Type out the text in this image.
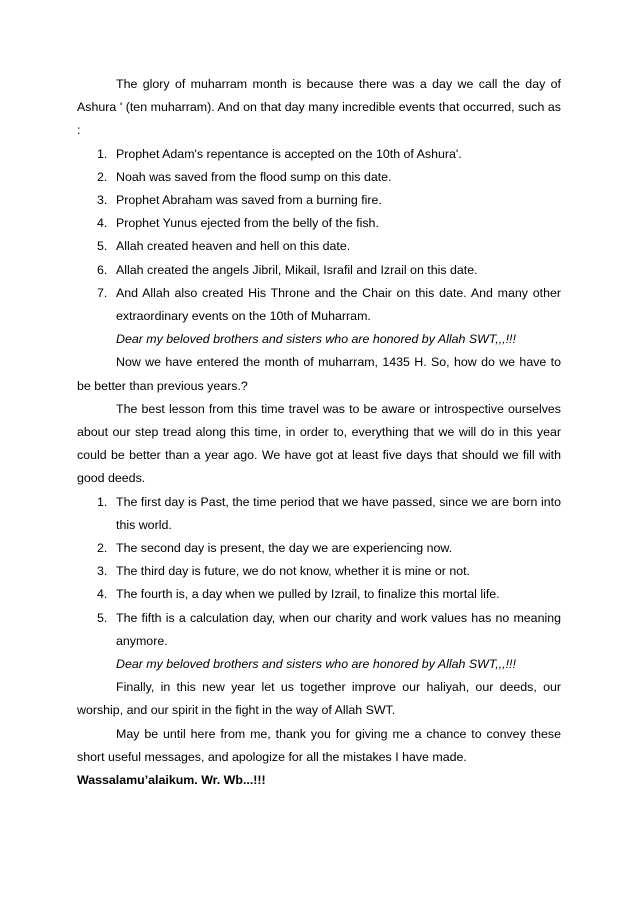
The glory of muharram month is because there was a day we call the day of Ashura ' (ten muharram). And on that day many incredible events that occurred, such as :

1. Prophet Adam's repentance is accepted on the 10th of Ashura'.
2. Noah was saved from the flood sump on this date.
3. Prophet Abraham was saved from a burning fire.
4. Prophet Yunus ejected from the belly of the fish.
5. Allah created heaven and hell on this date.
6. Allah created the angels Jibril, Mikail, Israfil and Izrail on this date.
7. And Allah also created His Throne and the Chair on this date. And many other extraordinary events on the 10th of Muharram.

Dear my beloved brothers and sisters who are honored by Allah SWT,,,!!!

Now we have entered the month of muharram, 1435 H. So, how do we have to be better than previous years.?

The best lesson from this time travel was to be aware or introspective ourselves about our step tread along this time, in order to, everything that we will do in this year could be better than a year ago. We have got at least five days that should we fill with good deeds.

1. The first day is Past, the time period that we have passed, since we are born into this world.
2. The second day is present, the day we are experiencing now.
3. The third day is future, we do not know, whether it is mine or not.
4. The fourth is, a day when we pulled by Izrail, to finalize this mortal life.
5. The fifth is a calculation day, when our charity and work values has no meaning anymore.

Dear my beloved brothers and sisters who are honored by Allah SWT,,,!!!

Finally, in this new year let us together improve our haliyah, our deeds, our worship, and our spirit in the fight in the way of Allah SWT.

May be until here from me, thank you for giving me a chance to convey these short useful messages, and apologize for all the mistakes I have made.

Wassalamu’alaikum. Wr. Wb...!!!
